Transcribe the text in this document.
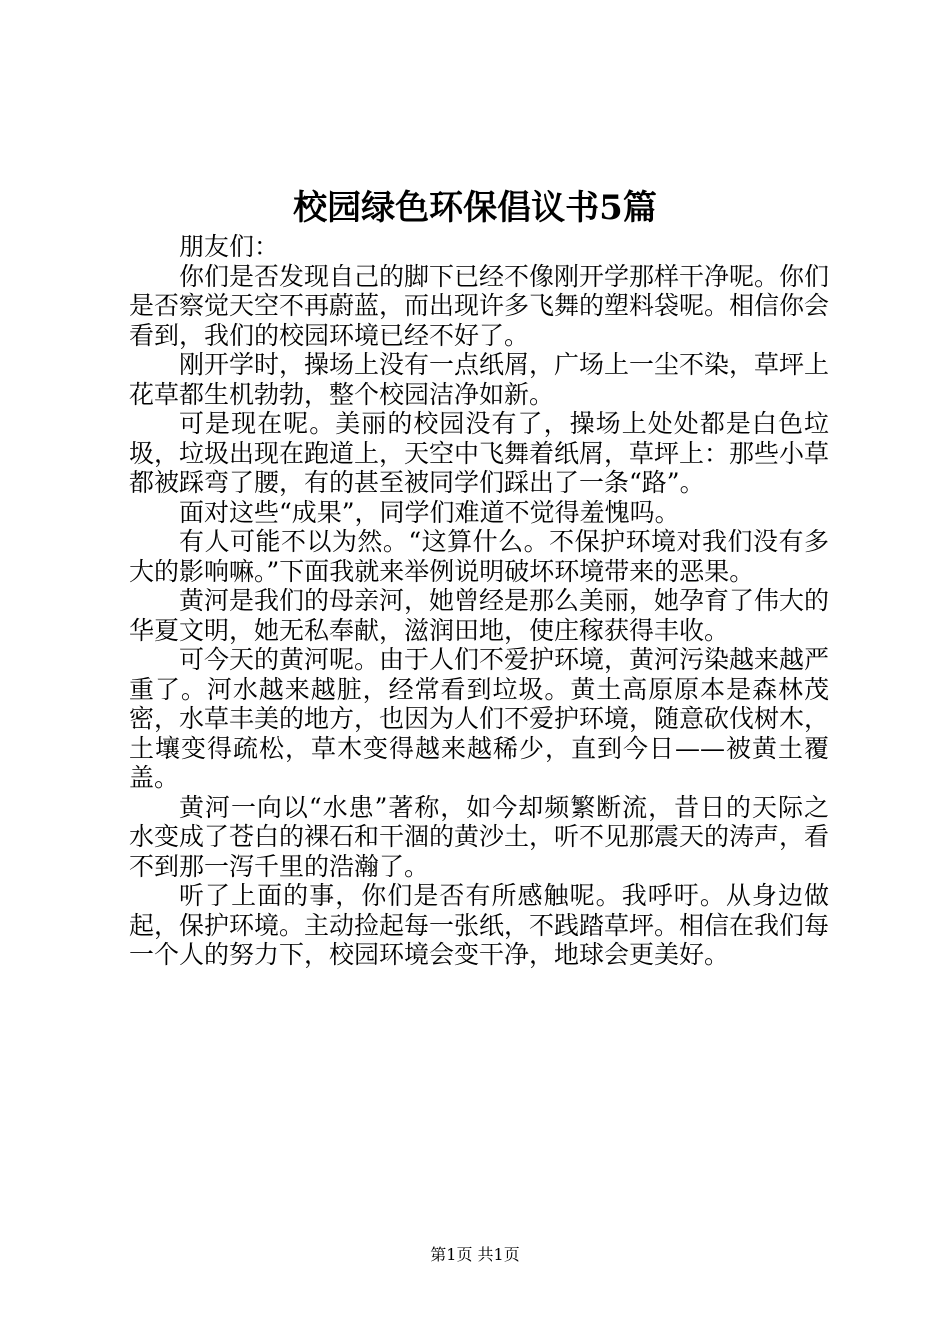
校园绿色环保倡议书5篇

朋友们：

你们是否发现自己的脚下已经不像刚开学那样干净呢。你们是否察觉天空不再蔚蓝，而出现许多飞舞的塑料袋呢。相信你会看到，我们的校园环境已经不好了。

刚开学时，操场上没有一点纸屑，广场上一尘不染，草坪上花草都生机勃勃，整个校园洁净如新。

可是现在呢。美丽的校园没有了，操场上处处都是白色垃圾，垃圾出现在跑道上，天空中飞舞着纸屑，草坪上：那些小草都被踩弯了腰，有的甚至被同学们踩出了一条“路”。

面对这些“成果”，同学们难道不觉得羞愧吗。

有人可能不以为然。“这算什么。不保护环境对我们没有多大的影响嘛。”下面我就来举例说明破坏环境带来的恶果。

黄河是我们的母亲河，她曾经是那么美丽，她孕育了伟大的华夏文明，她无私奉献，滋润田地，使庄稼获得丰收。

可今天的黄河呢。由于人们不爱护环境，黄河污染越来越严重了。河水越来越脏，经常看到垃圾。黄土高原原本是森林茂密，水草丰美的地方，也因为人们不爱护环境，随意砍伐树木，土壤变得疏松，草木变得越来越稀少，直到今日——被黄土覆盖。

黄河一向以“水患”著称，如今却频繁断流，昔日的天际之水变成了苍白的裸石和干涸的黄沙土，听不见那震天的涛声，看不到那一泻千里的浩瀚了。

听了上面的事，你们是否有所感触呢。我呼吁。从身边做起，保护环境。主动捡起每一张纸，不践踏草坪。相信在我们每一个人的努力下，校园环境会变干净，地球会更美好。

第1页 共1页
